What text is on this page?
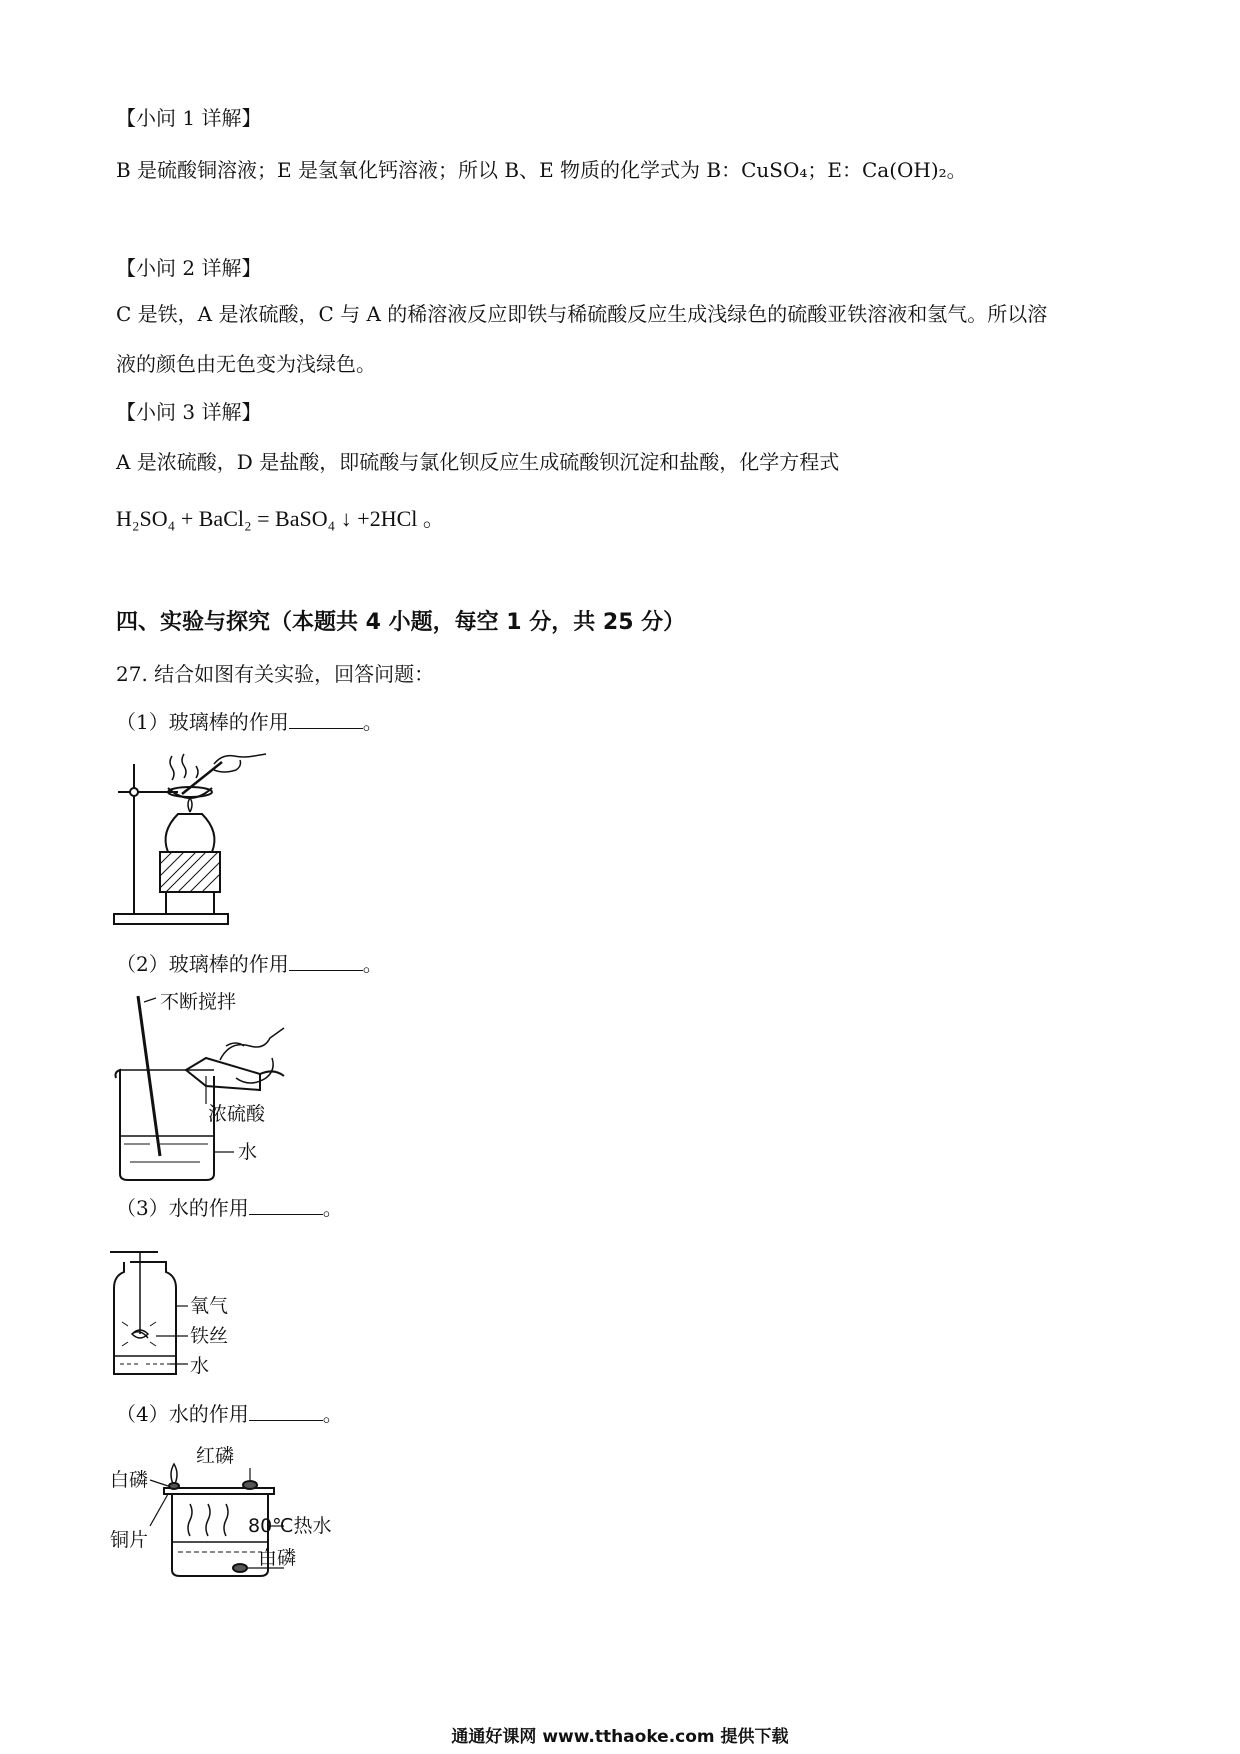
【小问 1 详解】
B 是硫酸铜溶液；E 是氢氧化钙溶液；所以 B、E 物质的化学式为 B：CuSO₄；E：Ca(OH)₂。
【小问 2 详解】
C 是铁，A 是浓硫酸，C 与 A 的稀溶液反应即铁与稀硫酸反应生成浅绿色的硫酸亚铁溶液和氢气。所以溶
液的颜色由无色变为浅绿色。
【小问 3 详解】
A 是浓硫酸，D 是盐酸，即硫酸与氯化钡反应生成硫酸钡沉淀和盐酸，化学方程式
H₂SO₄ + BaCl₂ = BaSO₄ ↓ +2HCl 。
四、实验与探究（本题共 4 小题，每空 1 分，共 25 分）
27. 结合如图有关实验，回答问题：
（1）玻璃棒的作用	。
（2）玻璃棒的作用	。
不断搅拌
浓硫酸
水
（3）水的作用	。
氧气
铁丝
水
（4）水的作用	。
红磷
白磷
铜片
80℃热水
白磷
通通好课网 www.tthaoke.com 提供下载
